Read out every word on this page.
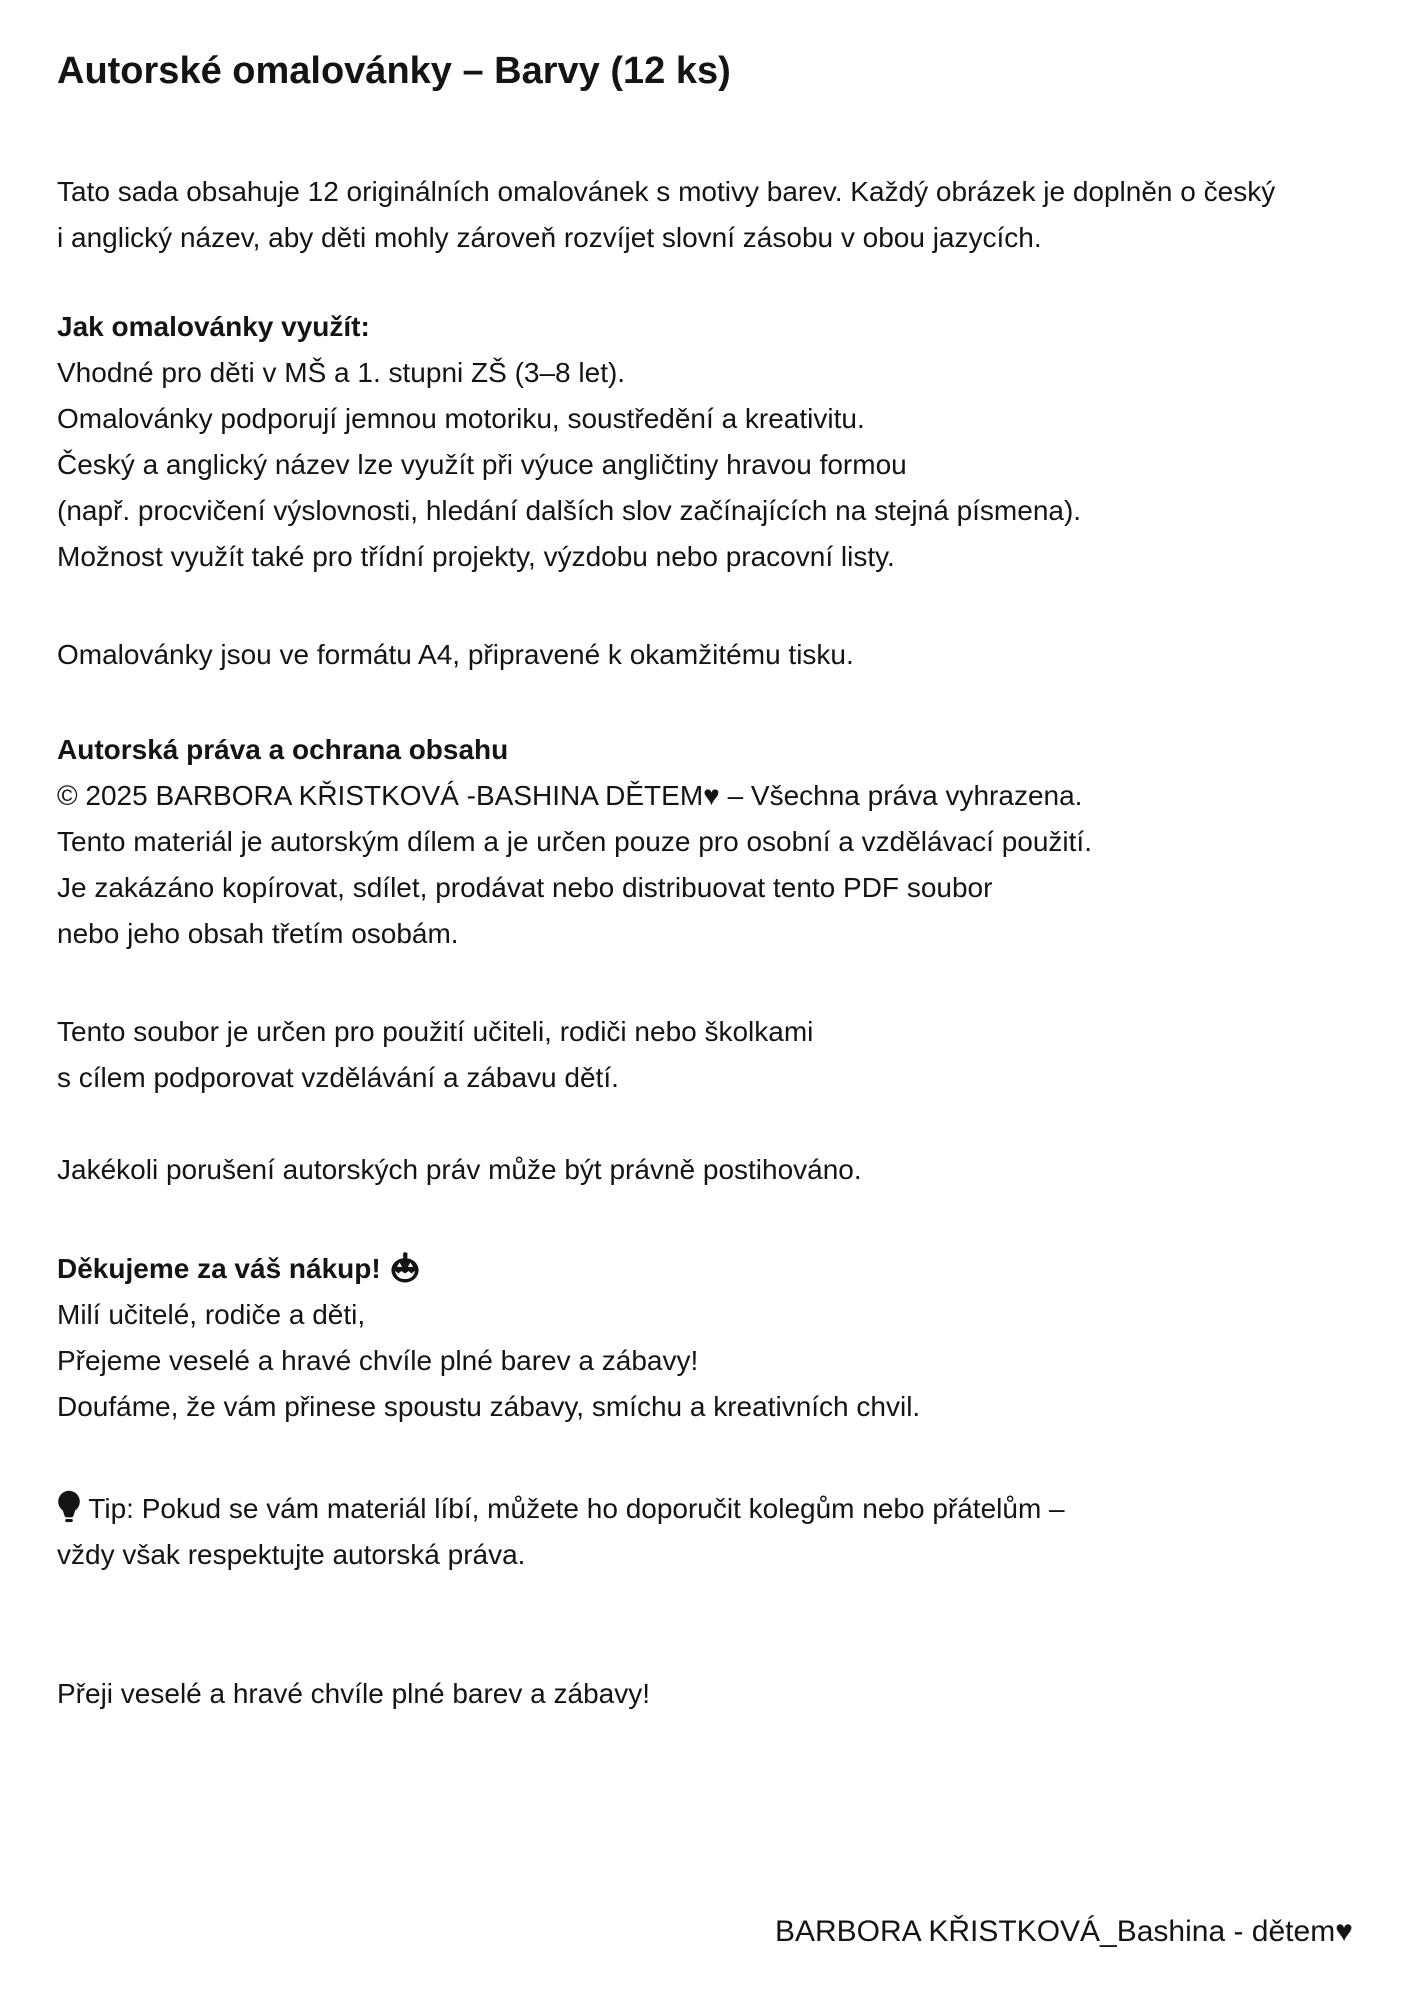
Autorské omalovánky – Barvy (12 ks)
Tato sada obsahuje 12 originálních omalovánek s motivy barev. Každý obrázek je doplněn o český
i anglický název, aby děti mohly zároveň rozvíjet slovní zásobu v obou jazycích.
Jak omalovánky využít:
Vhodné pro děti v MŠ a 1. stupni ZŠ (3–8 let).
Omalovánky podporují jemnou motoriku, soustředění a kreativitu.
Český a anglický název lze využít při výuce angličtiny hravou formou
(např. procvičení výslovnosti, hledání dalších slov začínajících na stejná písmena).
Možnost využít také pro třídní projekty, výzdobu nebo pracovní listy.
Omalovánky jsou ve formátu A4, připravené k okamžitému tisku.
Autorská práva a ochrana obsahu
© 2025 BARBORA KŘISTKOVÁ -BASHINA DĚTEM♥ – Všechna práva vyhrazena.
Tento materiál je autorským dílem a je určen pouze pro osobní a vzdělávací použití.
Je zakázáno kopírovat, sdílet, prodávat nebo distribuovat tento PDF soubor
nebo jeho obsah třetím osobám.
Tento soubor je určen pro použití učiteli, rodiči nebo školkami
s cílem podporovat vzdělávání a zábavu dětí.
Jakékoli porušení autorských práv může být právně postihováno.
Děkujeme za váš nákup!
Milí učitelé, rodiče a děti,
Přejeme veselé a hravé chvíle plné barev a zábavy!
Doufáme, že vám přinese spoustu zábavy, smíchu a kreativních chvil.
Tip: Pokud se vám materiál líbí, můžete ho doporučit kolegům nebo přátelům –
vždy však respektujte autorská práva.
Přeji veselé a hravé chvíle plné barev a zábavy!
BARBORA KŘISTKOVÁ_Bashina - dětem♥
